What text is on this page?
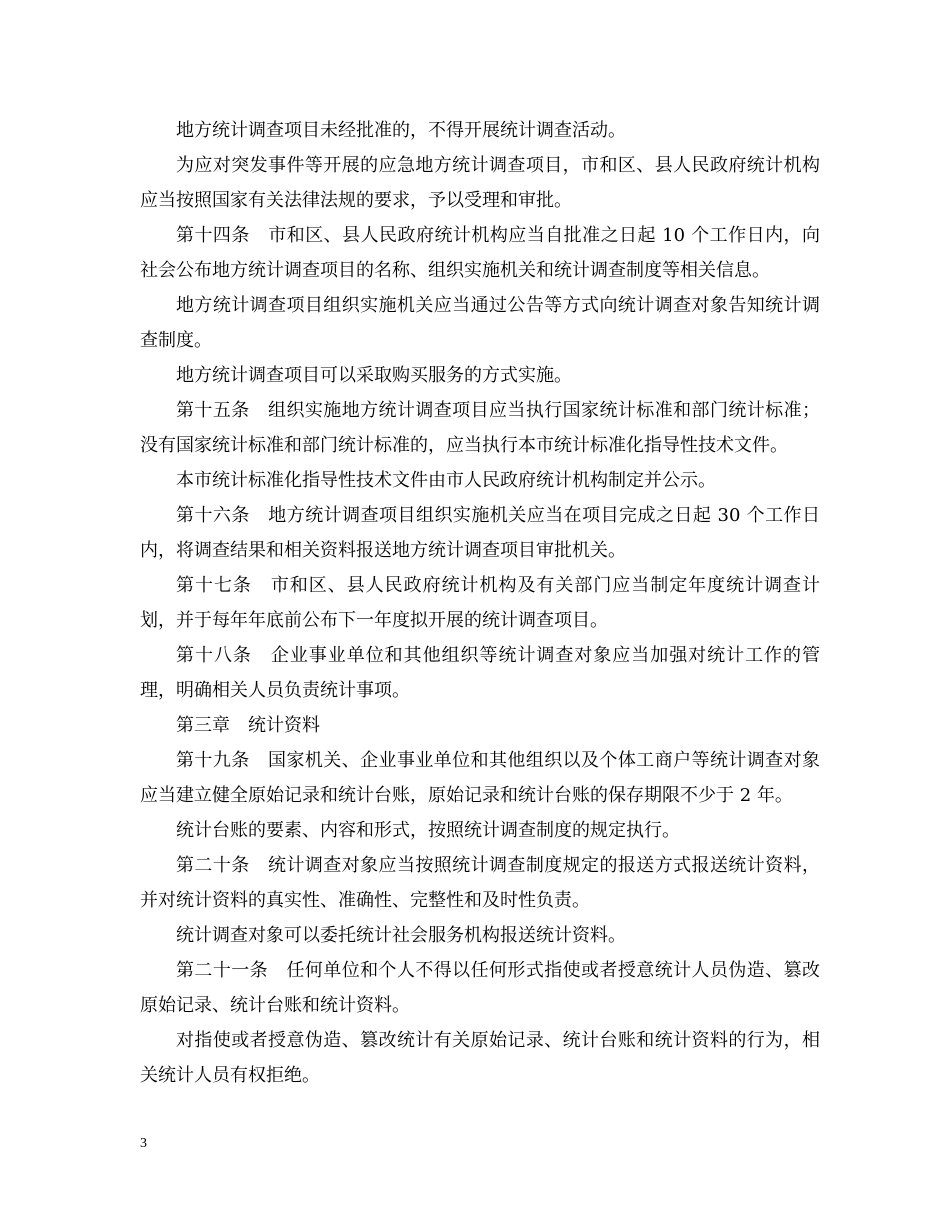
地方统计调查项目未经批准的，不得开展统计调查活动。

为应对突发事件等开展的应急地方统计调查项目，市和区、县人民政府统计机构应当按照国家有关法律法规的要求，予以受理和审批。

第十四条　市和区、县人民政府统计机构应当自批准之日起 10 个工作日内，向社会公布地方统计调查项目的名称、组织实施机关和统计调查制度等相关信息。

地方统计调查项目组织实施机关应当通过公告等方式向统计调查对象告知统计调查制度。

地方统计调查项目可以采取购买服务的方式实施。

第十五条　组织实施地方统计调查项目应当执行国家统计标准和部门统计标准；没有国家统计标准和部门统计标准的，应当执行本市统计标准化指导性技术文件。

本市统计标准化指导性技术文件由市人民政府统计机构制定并公示。

第十六条　地方统计调查项目组织实施机关应当在项目完成之日起 30 个工作日内，将调查结果和相关资料报送地方统计调查项目审批机关。

第十七条　市和区、县人民政府统计机构及有关部门应当制定年度统计调查计划，并于每年年底前公布下一年度拟开展的统计调查项目。

第十八条　企业事业单位和其他组织等统计调查对象应当加强对统计工作的管理，明确相关人员负责统计事项。

第三章　统计资料

第十九条　国家机关、企业事业单位和其他组织以及个体工商户等统计调查对象应当建立健全原始记录和统计台账，原始记录和统计台账的保存期限不少于 2 年。

统计台账的要素、内容和形式，按照统计调查制度的规定执行。

第二十条　统计调查对象应当按照统计调查制度规定的报送方式报送统计资料，并对统计资料的真实性、准确性、完整性和及时性负责。

统计调查对象可以委托统计社会服务机构报送统计资料。

第二十一条　任何单位和个人不得以任何形式指使或者授意统计人员伪造、篡改原始记录、统计台账和统计资料。

对指使或者授意伪造、篡改统计有关原始记录、统计台账和统计资料的行为，相关统计人员有权拒绝。

3
